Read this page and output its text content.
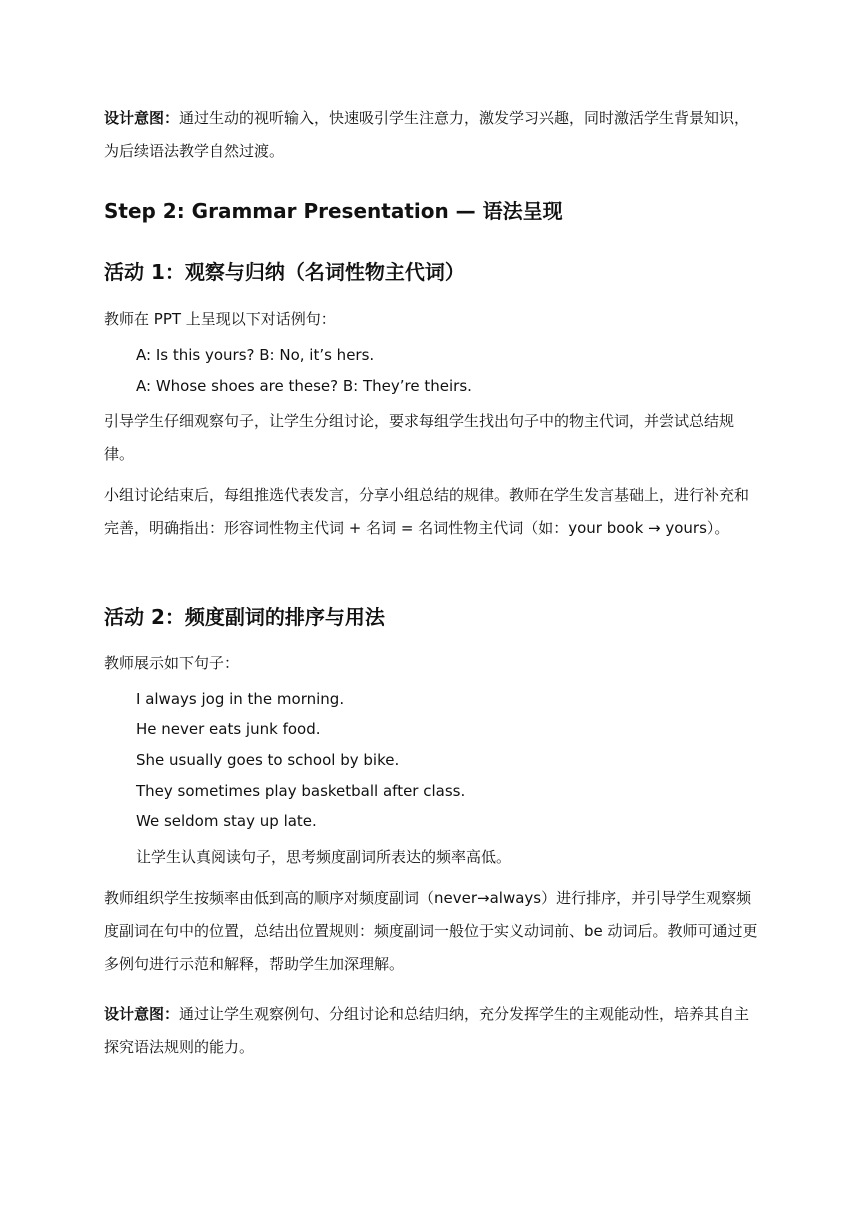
设计意图：通过生动的视听输入，快速吸引学生注意力，激发学习兴趣，同时激活学生背景知识，为后续语法教学自然过渡。

Step 2: Grammar Presentation — 语法呈现
活动 1：观察与归纳（名词性物主代词）

教师在 PPT 上呈现以下对话例句：

A: Is this yours? B: No, it’s hers.

A: Whose shoes are these? B: They’re theirs.

引导学生仔细观察句子，让学生分组讨论，要求每组学生找出句子中的物主代词，并尝试总结规律。

小组讨论结束后，每组推选代表发言，分享小组总结的规律。教师在学生发言基础上，进行补充和完善，明确指出：形容词性物主代词 + 名词 = 名词性物主代词（如：your book → yours）。

活动 2：频度副词的排序与用法

教师展示如下句子：

I always jog in the morning.

He never eats junk food.

She usually goes to school by bike.

They sometimes play basketball after class.

We seldom stay up late.

让学生认真阅读句子，思考频度副词所表达的频率高低。

教师组织学生按频率由低到高的顺序对频度副词（never→always）进行排序，并引导学生观察频度副词在句中的位置，总结出位置规则：频度副词一般位于实义动词前、be 动词后。教师可通过更多例句进行示范和解释，帮助学生加深理解。

设计意图：通过让学生观察例句、分组讨论和总结归纳，充分发挥学生的主观能动性，培养其自主探究语法规则的能力。
